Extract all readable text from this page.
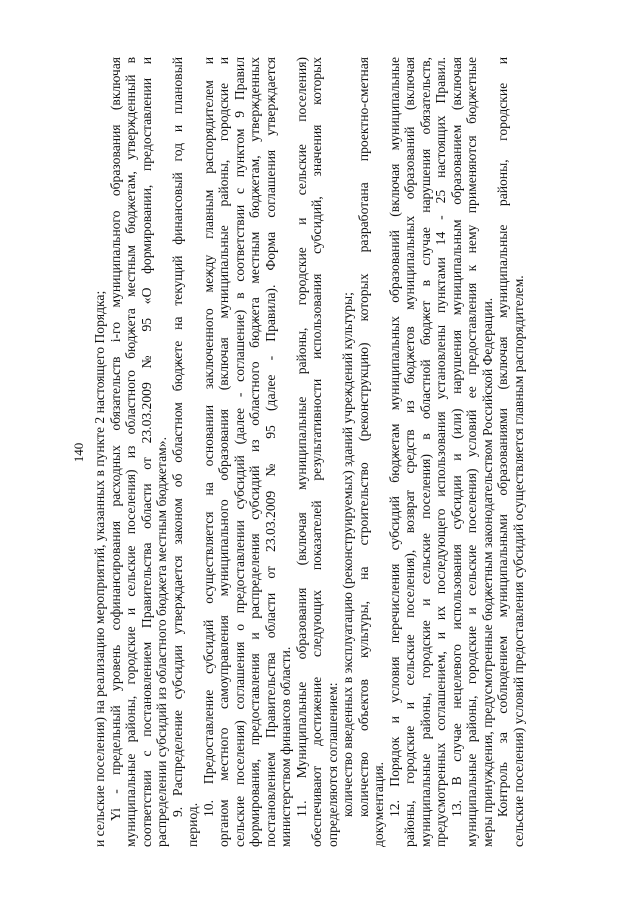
140 и сельские поселения) на реализацию мероприятий, указанных в пункте 2 настоящего Порядка; Yi - предельный уровень софинансирования расходных обязательств i-го муниципального образования (включая муниципальные районы, городские и сельские поселения) из областного бюджета местным бюджетам, утвержденный в соответствии с постановлением Правительства области от 23.03.2009 № 95 «О формировании, предоставлении и распределении субсидий из областного бюджета местным бюджетам». 9. Распределение субсидии утверждается законом об областном бюджете на текущий финансовый год и плановый
период.
10. Предоставление субсидий осуществляется на основании заключенного между главным распорядителем и органом местного самоуправления муниципального образования (включая муниципальные районы, городские и сельские поселения) соглашения о предоставлении субсидий (далее - соглашение) в соответствии с пунктом 9 Правил формирования, предоставления и распределения субсидий из областного бюджета местным бюджетам, утвержденных постановлением Правительства области от 23.03.2009 № 95 (далее - Правила). Форма соглашения утверждается министерством финансов области. 11. Муниципальные образования (включая муниципальные районы, городские и сельские поселения) обеспечивают достижение следующих показателей результативности использования субсидий, значения которых определяются соглашением: количество введенных в эксплуатацию (реконструируемых) зданий учреждений культуры; количество объектов культуры, на строительство (реконструкцию) которых разработана проектно-сметная документация. 12. Порядок и условия перечисления субсидий бюджетам муниципальных образований (включая муниципальные районы, городские и сельские поселения), возврат средств из бюджетов муниципальных образований (включая муниципальные районы, городские и сельские поселения) в областной бюджет в случае нарушения обязательств, предусмотренных соглашением, и их последующего использования установлены пунктами 14 - 25 настоящих Правил. 13. В случае нецелевого использования субсидии и (или) нарушения муниципальным образованием (включая муниципальные районы, городские и сельские поселения) условий ее предоставления к нему применяются бюджетные меры принуждения, предусмотренные бюджетным законодательством Российской Федерации. Контроль за соблюдением муниципальными образованиями (включая муниципальные районы, городские и сельские поселения) условий предоставления субсидий осуществляется главным распорядителем.
